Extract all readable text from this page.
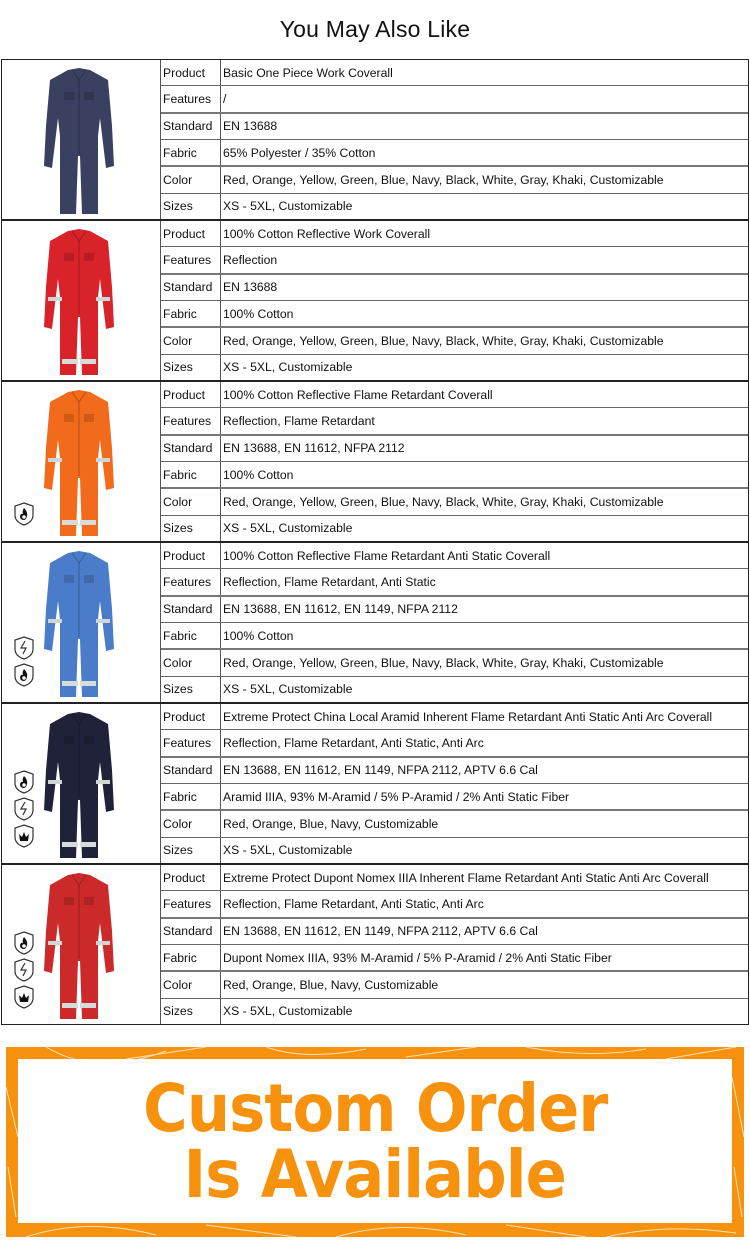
You May Also Like
Product	Basic One Piece Work Coverall
Features /
Standard EN 13688
Fabric	65% Polyester / 35% Cotton
Color	Red, Orange, Yellow, Green, Blue, Navy, Black, White, Gray, Khaki, Customizable
Sizes	XS - 5XL, Customizable
Product	100% Cotton Reflective Work Coverall
Features Reflection
Standard EN 13688
Fabric	100% Cotton
Color	Red, Orange, Yellow, Green, Blue, Navy, Black, White, Gray, Khaki, Customizable
Sizes	XS - 5XL, Customizable
Product	100% Cotton Reflective Flame Retardant Coverall
Features Reflection, Flame Retardant
Standard EN 13688, EN 11612, NFPA 2112
Fabric	100% Cotton
Color	Red, Orange, Yellow, Green, Blue, Navy, Black, White, Gray, Khaki, Customizable
Sizes	XS - 5XL, Customizable
Product	100% Cotton Reflective Flame Retardant Anti Static Coverall
Features Reflection, Flame Retardant, Anti Static
Standard EN 13688, EN 11612, EN 1149, NFPA 2112
Fabric	100% Cotton
Color	Red, Orange, Yellow, Green, Blue, Navy, Black, White, Gray, Khaki, Customizable
Sizes	XS - 5XL, Customizable
Product	Extreme Protect China Local Aramid Inherent Flame Retardant Anti Static Anti Arc Coverall
Features Reflection, Flame Retardant, Anti Static, Anti Arc
Standard EN 13688, EN 11612, EN 1149, NFPA 2112, APTV 6.6 Cal
Fabric	Aramid IIIA, 93% M-Aramid / 5% P-Aramid / 2% Anti Static Fiber
Color	Red, Orange, Blue, Navy, Customizable
Sizes	XS - 5XL, Customizable
Product	Extreme Protect Dupont Nomex IIIA Inherent Flame Retardant Anti Static Anti Arc Coverall
Features Reflection, Flame Retardant, Anti Static, Anti Arc
Standard EN 13688, EN 11612, EN 1149, NFPA 2112, APTV 6.6 Cal
Fabric	Dupont Nomex IIIA, 93% M-Aramid / 5% P-Aramid / 2% Anti Static Fiber
Color	Red, Orange, Blue, Navy, Customizable
Sizes	XS - 5XL, Customizable
Custom Order
Is Available
